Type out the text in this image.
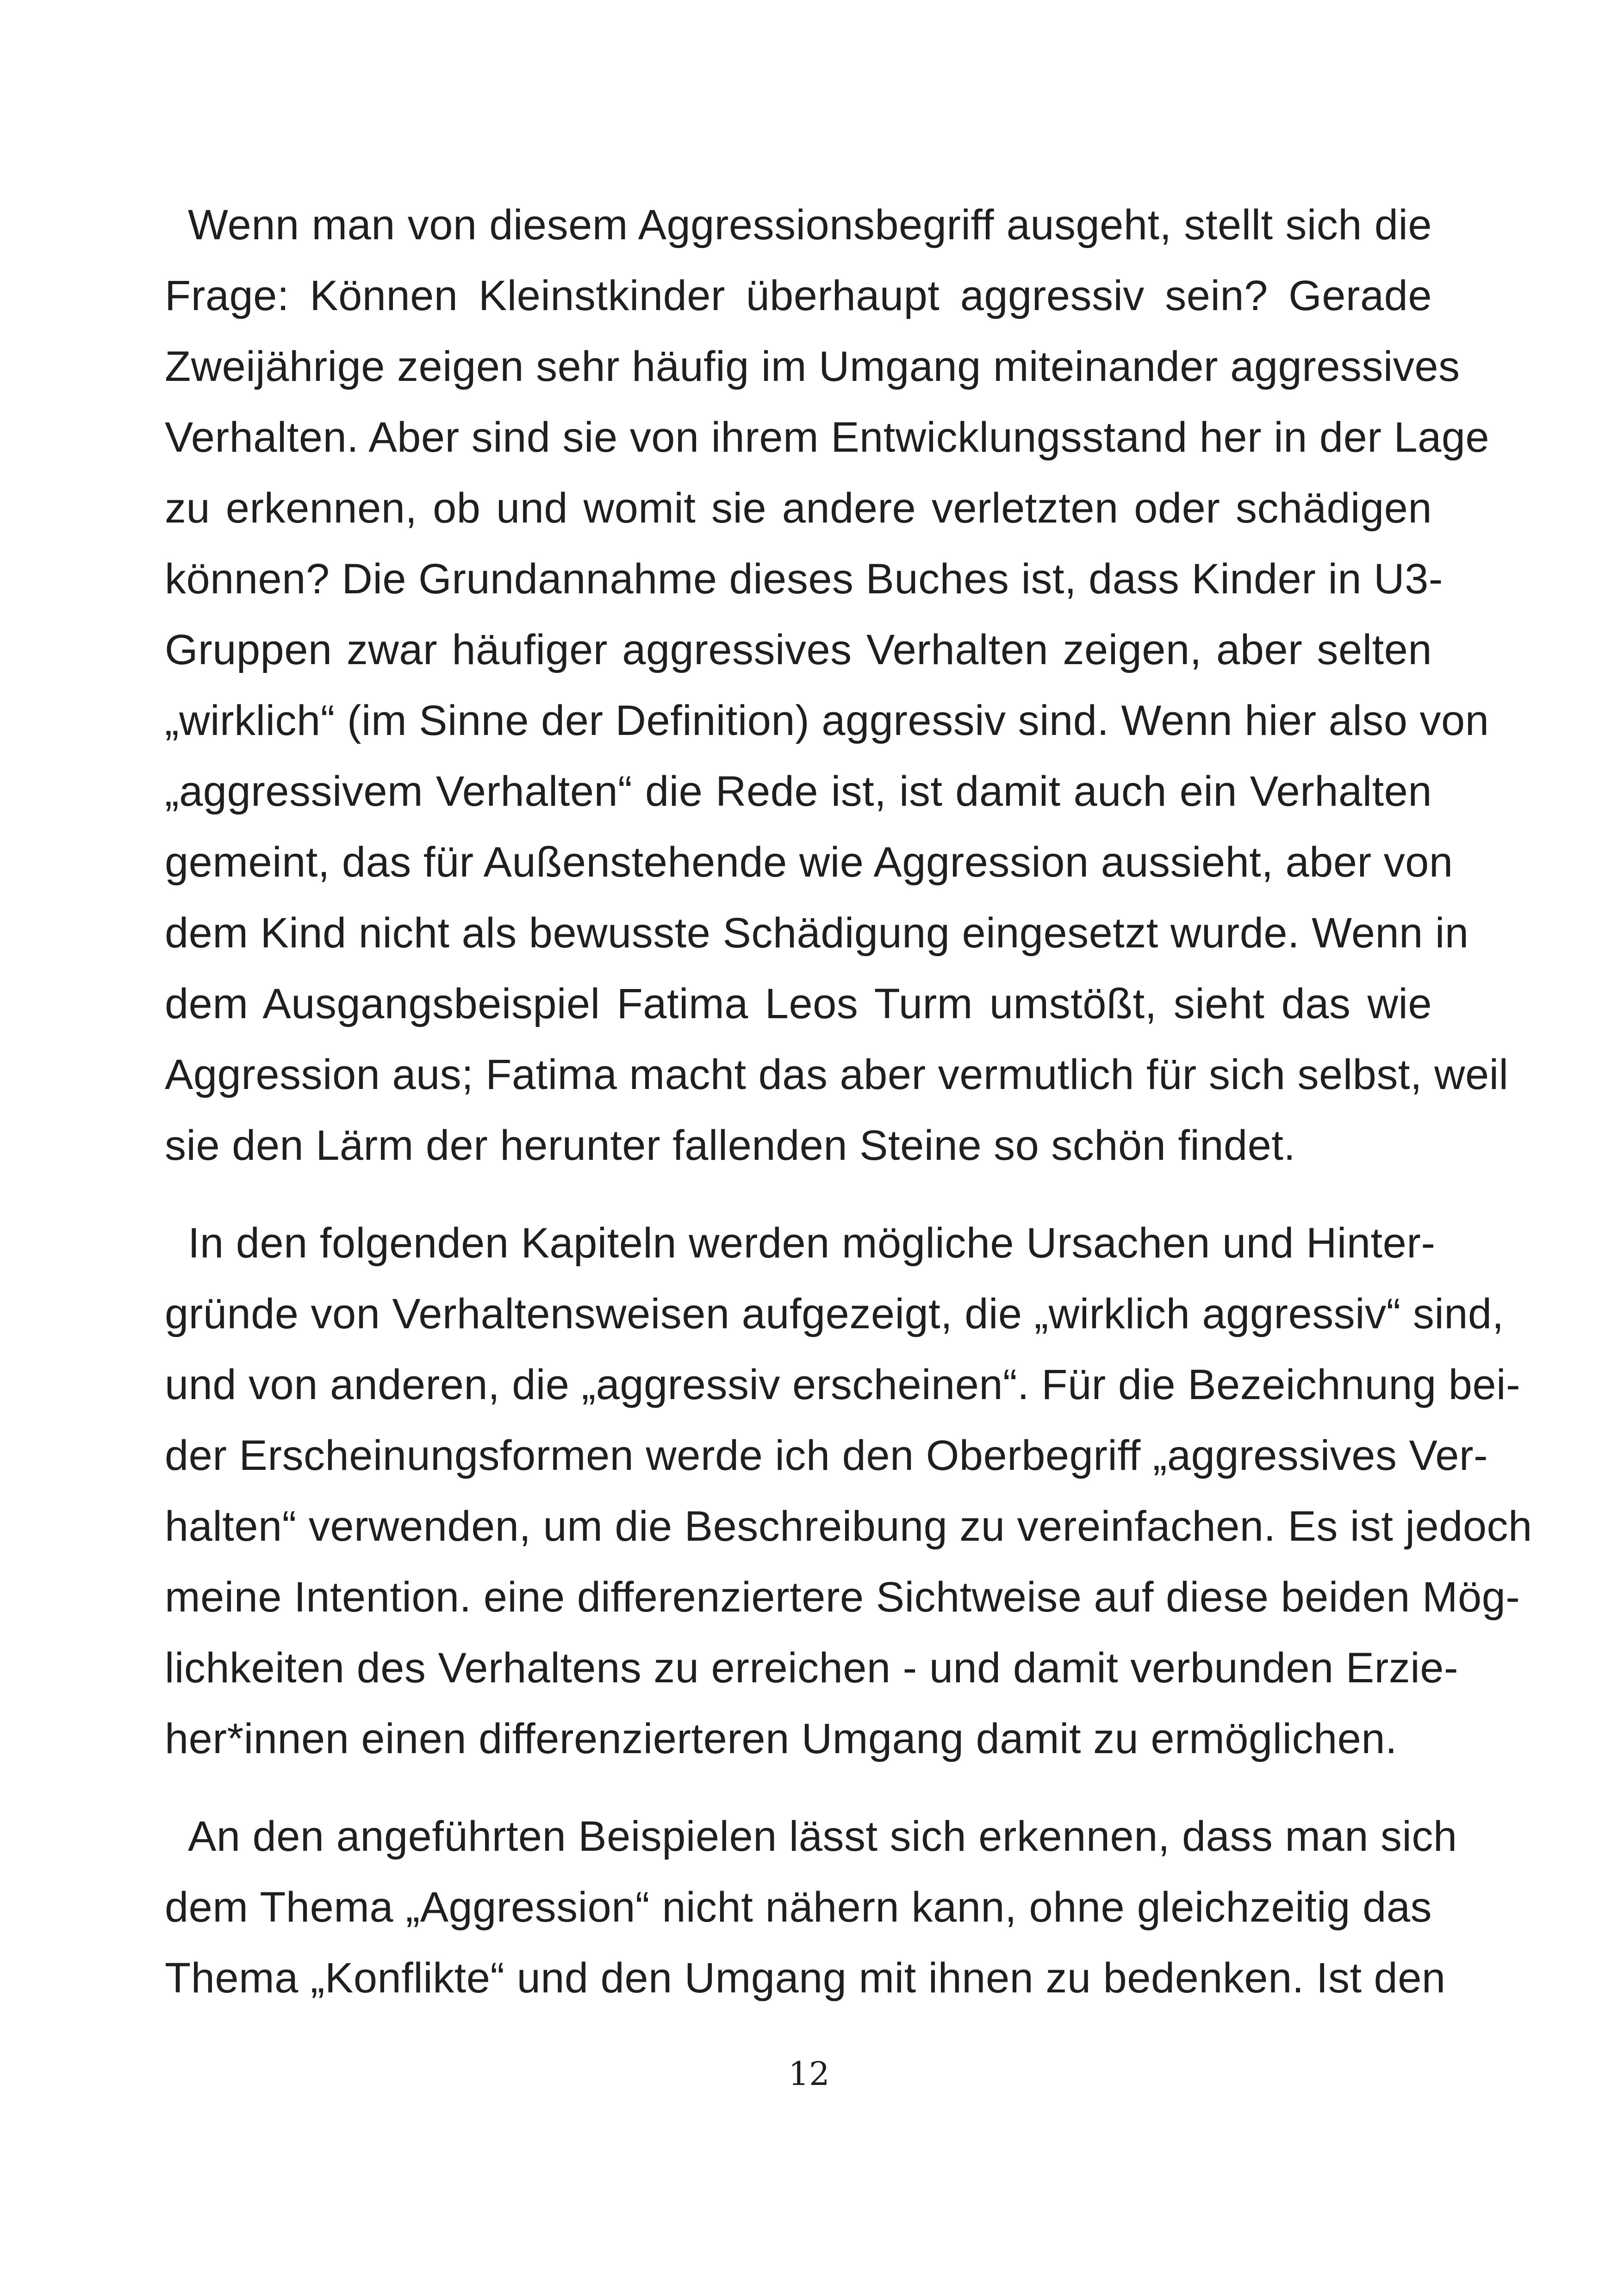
Wenn man von diesem Aggressionsbegriff ausgeht, stellt sich die
Frage: Können Kleinstkinder überhaupt aggressiv sein? Gerade
Zweijährige zeigen sehr häufig im Umgang miteinander aggressives
Verhalten. Aber sind sie von ihrem Entwicklungsstand her in der Lage
zu erkennen, ob und womit sie andere verletzten oder schädigen
können? Die Grundannahme dieses Buches ist, dass Kinder in U3-
Gruppen zwar häufiger aggressives Verhalten zeigen, aber selten
„wirklich“ (im Sinne der Definition) aggressiv sind. Wenn hier also von
„aggressivem Verhalten“ die Rede ist, ist damit auch ein Verhalten
gemeint, das für Außenstehende wie Aggression aussieht, aber von
dem Kind nicht als bewusste Schädigung eingesetzt wurde. Wenn in
dem Ausgangsbeispiel Fatima Leos Turm umstößt, sieht das wie
Aggression aus; Fatima macht das aber vermutlich für sich selbst, weil
sie den Lärm der herunter fallenden Steine so schön findet.

In den folgenden Kapiteln werden mögliche Ursachen und Hinter-
gründe von Verhaltensweisen aufgezeigt, die „wirklich aggressiv“ sind,
und von anderen, die „aggressiv erscheinen“. Für die Bezeichnung bei-
der Erscheinungsformen werde ich den Oberbegriff „aggressives Ver-
halten“ verwenden, um die Beschreibung zu vereinfachen. Es ist jedoch
meine Intention. eine differenziertere Sichtweise auf diese beiden Mög-
lichkeiten des Verhaltens zu erreichen - und damit verbunden Erzie-
her*innen einen differenzierteren Umgang damit zu ermöglichen.

An den angeführten Beispielen lässt sich erkennen, dass man sich
dem Thema „Aggression“ nicht nähern kann, ohne gleichzeitig das
Thema „Konflikte“ und den Umgang mit ihnen zu bedenken. Ist den

12
